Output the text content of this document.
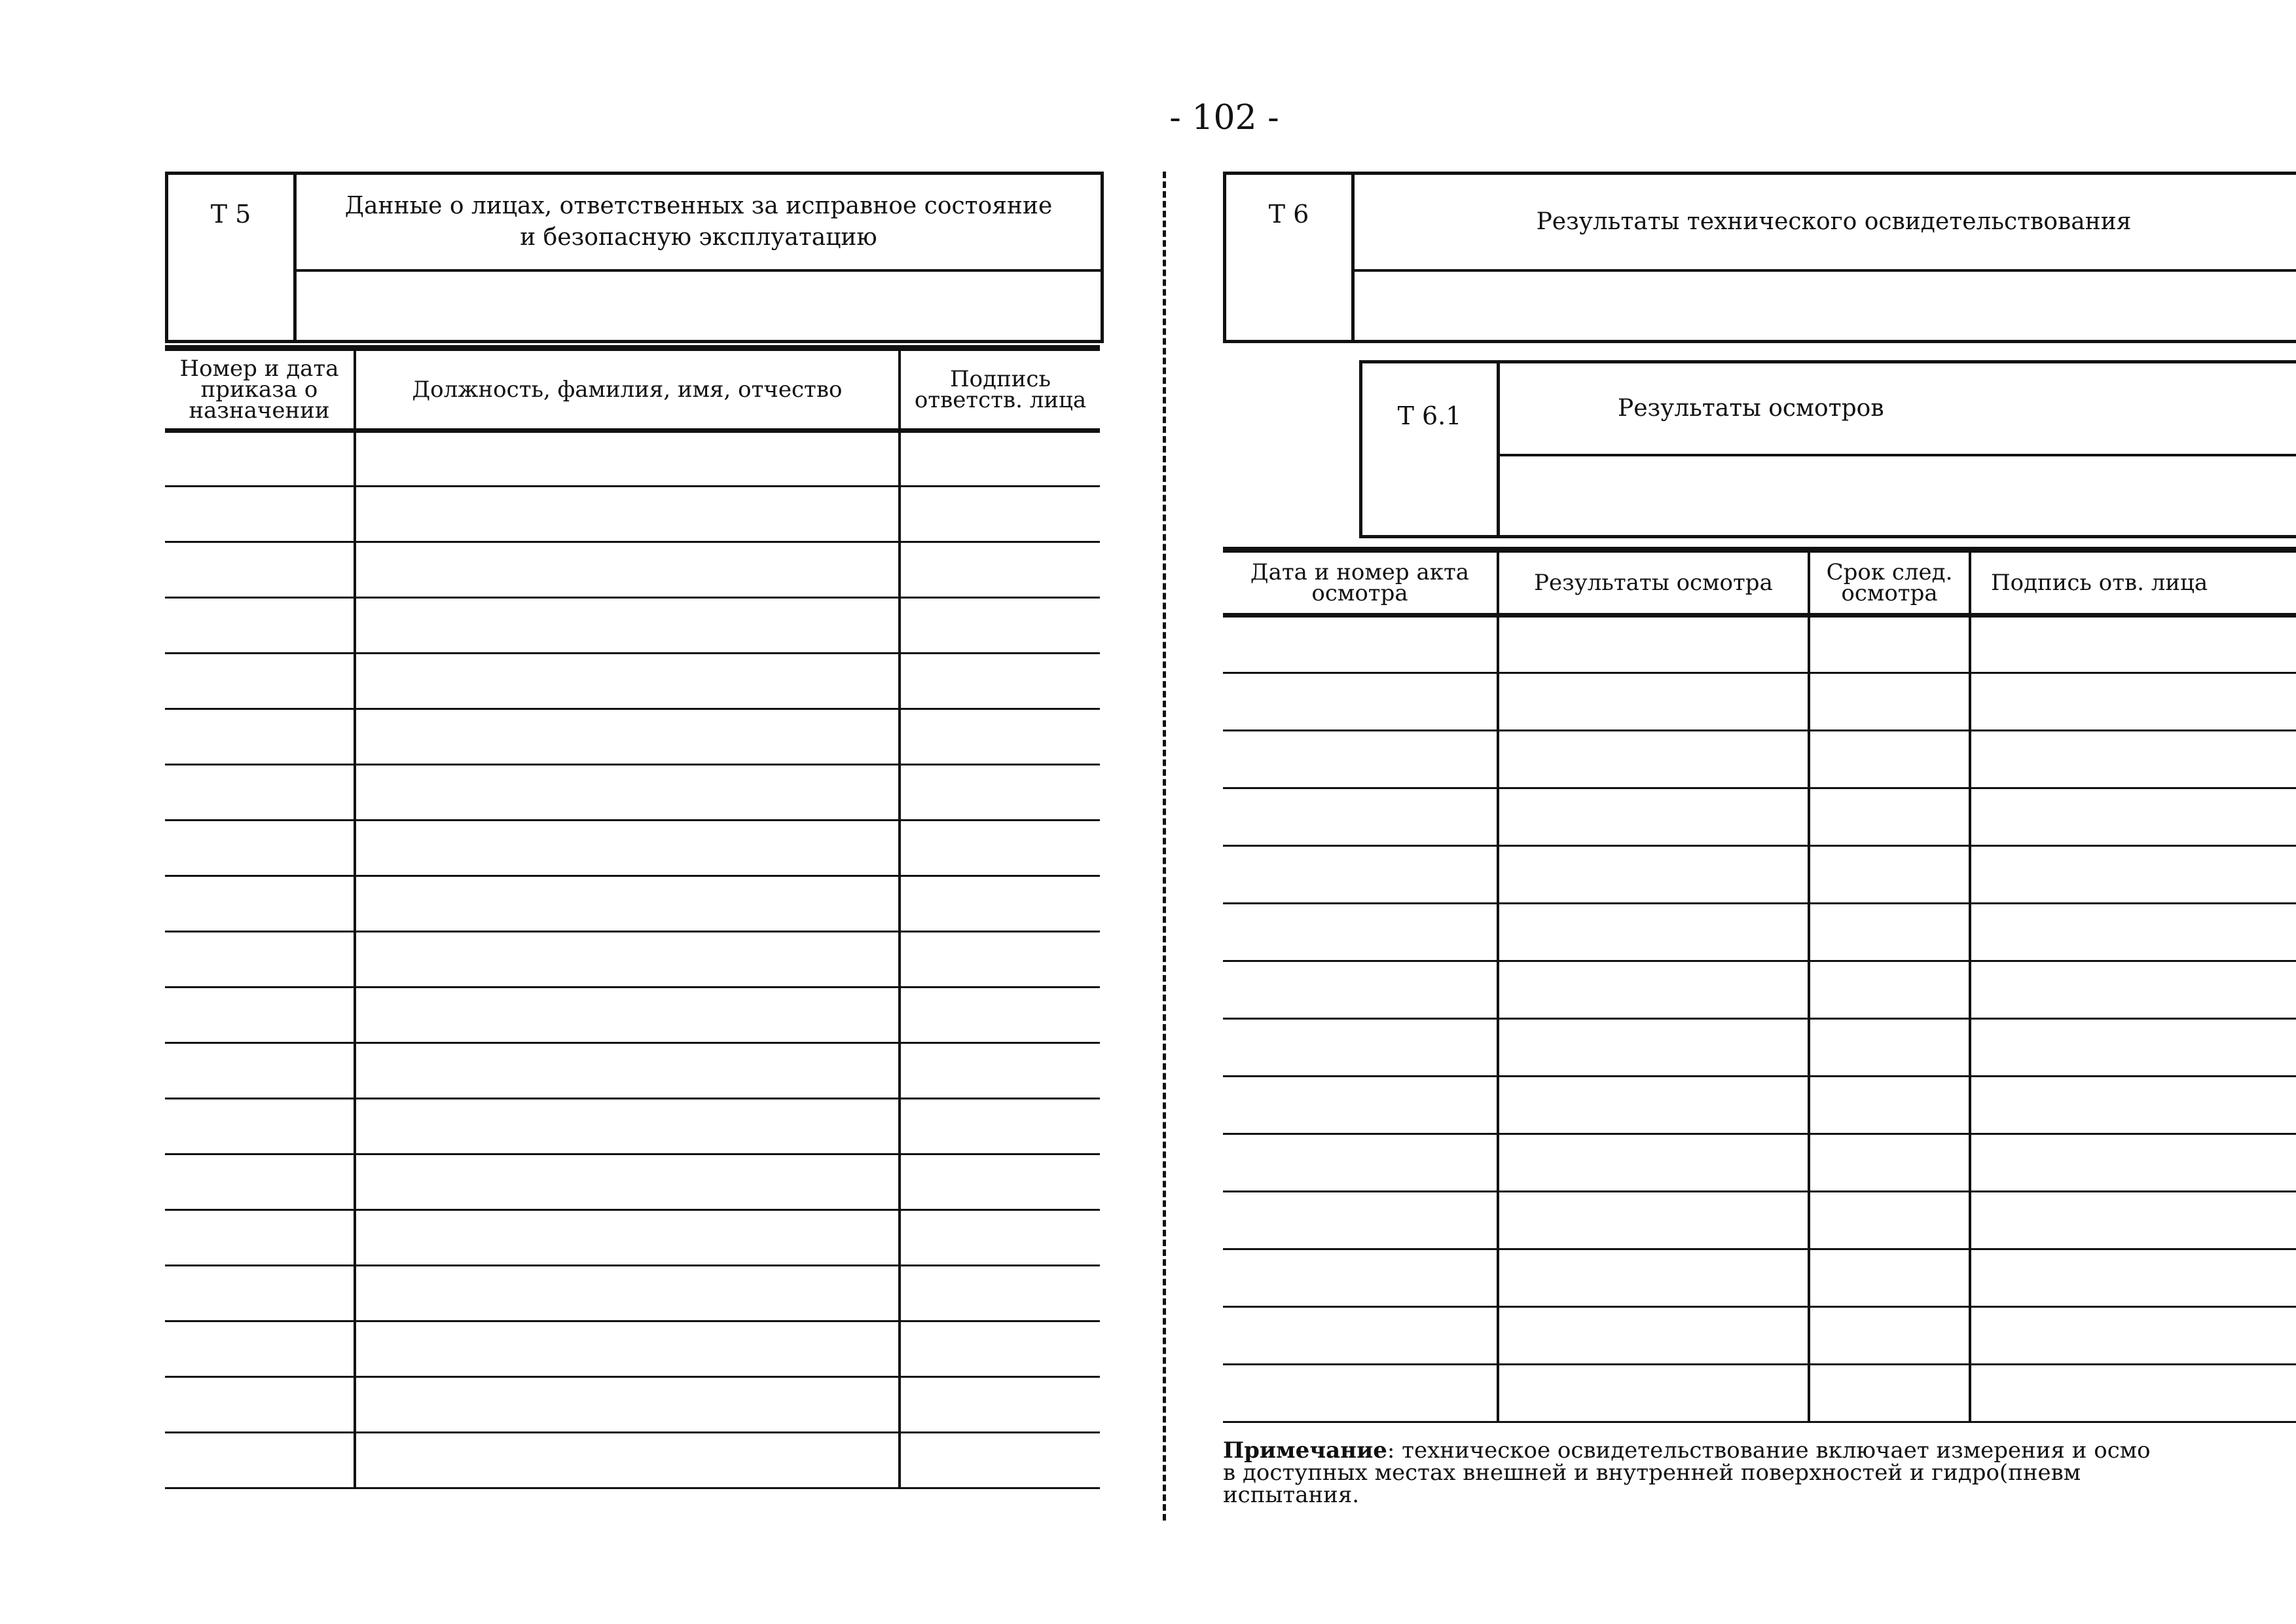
- 102 -
Т 5	Данные о лицах, ответственных за исправное состояние
и безопасную эксплуатацию
Номер и дата приказа о назначении	Должность, фамилия, имя, отчество	Подпись ответств. лица

Т 6	Результаты технического освидетельствования
Т 6.1	Результаты осмотров
Дата и номер акта осмотра	Результаты осмотра	Срок след. осмотра	Подпись отв. лица

Примечание: техническое освидетельствование включает измерения и осмо
в доступных местах внешней и внутренней поверхностей и гидро(пневм
испытания.
